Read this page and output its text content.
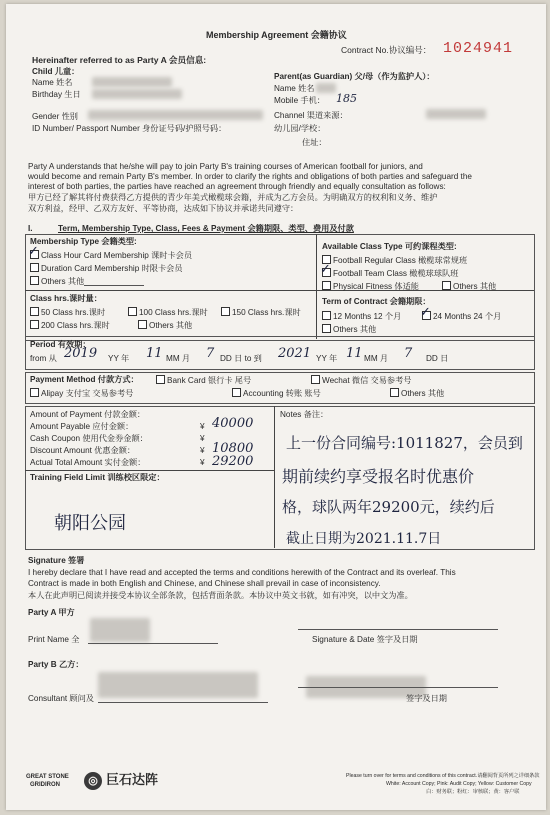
Membership Agreement 会籍协议
Contract No.协议编号： 1024941
Hereinafter referred to as Party A 会员信息:
Child 儿童：
Name 姓名
Birthday 生日
Gender 性别
ID Number/ Passport Number 身份证号码/护照号码：
Parent(as Guardian) 父/母（作为监护人）：
Name 姓名
Mobile 手机： 185
Channel 渠道来源：
幼儿园/学校：
住址：
Party A understands that he/she will pay to join Party B's training courses of American football for juniors, and
would become and remain Party B's member. In order to clarify the rights and obligations of both parties and safeguard the
interest of both parties, the parties have reached an agreement through friendly and equally consultation as follows:
甲方已经了解其将付费获得乙方提供的青少年美式橄榄球会籍，并成为乙方会员。为明确双方的权利和义务、维护
双方利益，经甲、乙双方友好、平等协商，达成如下协议并承诺共同遵守：
I.	Term, Membership Type, Class, Fees & Payment 会籍期限、类型、费用及付款
Membership Type 会籍类型:
Class Hour Card Membership 课时卡会员
✓
Duration Card Membership 时限卡会员
Others 其他
Available Class Type 可约课程类型:
Football Regular Class 橄榄球常规班
Football Team Class 橄榄球球队班
✓
Physical Fitness 体适能	Others 其他
Class hrs.课时量：
50 Class hrs.课时	100 Class hrs.课时	150 Class hrs.课时
200 Class hrs.课时	Others 其他
Term of Contract 会籍期限：
12 Months 12 个月	24 Months 24 个月
✓
Others 其他
Period 有效期：
from 从 2019 YY 年 11 MM 月 7 DD 日 to 到 2021 YY 年 11 MM 月 7 DD 日
Payment Method 付款方式：	Bank Card 银行卡 尾号	Wechat 微信 交易参考号
Alipay 支付宝 交易参考号	Accounting 转账 账号	Others 其他
Amount of Payment 付款金额：
Amount Payable 应付金额：	¥ 40000
Cash Coupon 使用代金券金额：	¥
Discount Amount 优惠金额：	¥ 10800
Actual Total Amount 实付金额：	¥ 29200
Training Field Limit 训练校区限定：
朝阳公园
Notes 备注：
上一份合同编号:1011827，会员到
期前续约享受报名时优惠价
格，球队两年29200元，续约后
截止日期为2021.11.7日
Signature 签署
I hereby declare that I have read and accepted the terms and conditions herewith of the Contract and its overleaf. This
Contract is made in both English and Chinese, and Chinese shall prevail in case of inconsistency.
本人在此声明已阅读并接受本协议全部条款，包括背面条款。本协议中英文书就，如有冲突，以中文为准。
Party A 甲方
Print Name 全	Signature & Date 签字及日期
Party B 乙方：
Consultant 顾问及	签字及日期
GREAT STONE
GRIDIRON	◎ 巨石达阵	Please turn over for terms and conditions of this contract.请翻阅背页所列之详细条款
White: Account Copy; Pink: Audit Copy; Yellow: Customer Copy
白：财务联；粉红：审核联；黄：客户联
